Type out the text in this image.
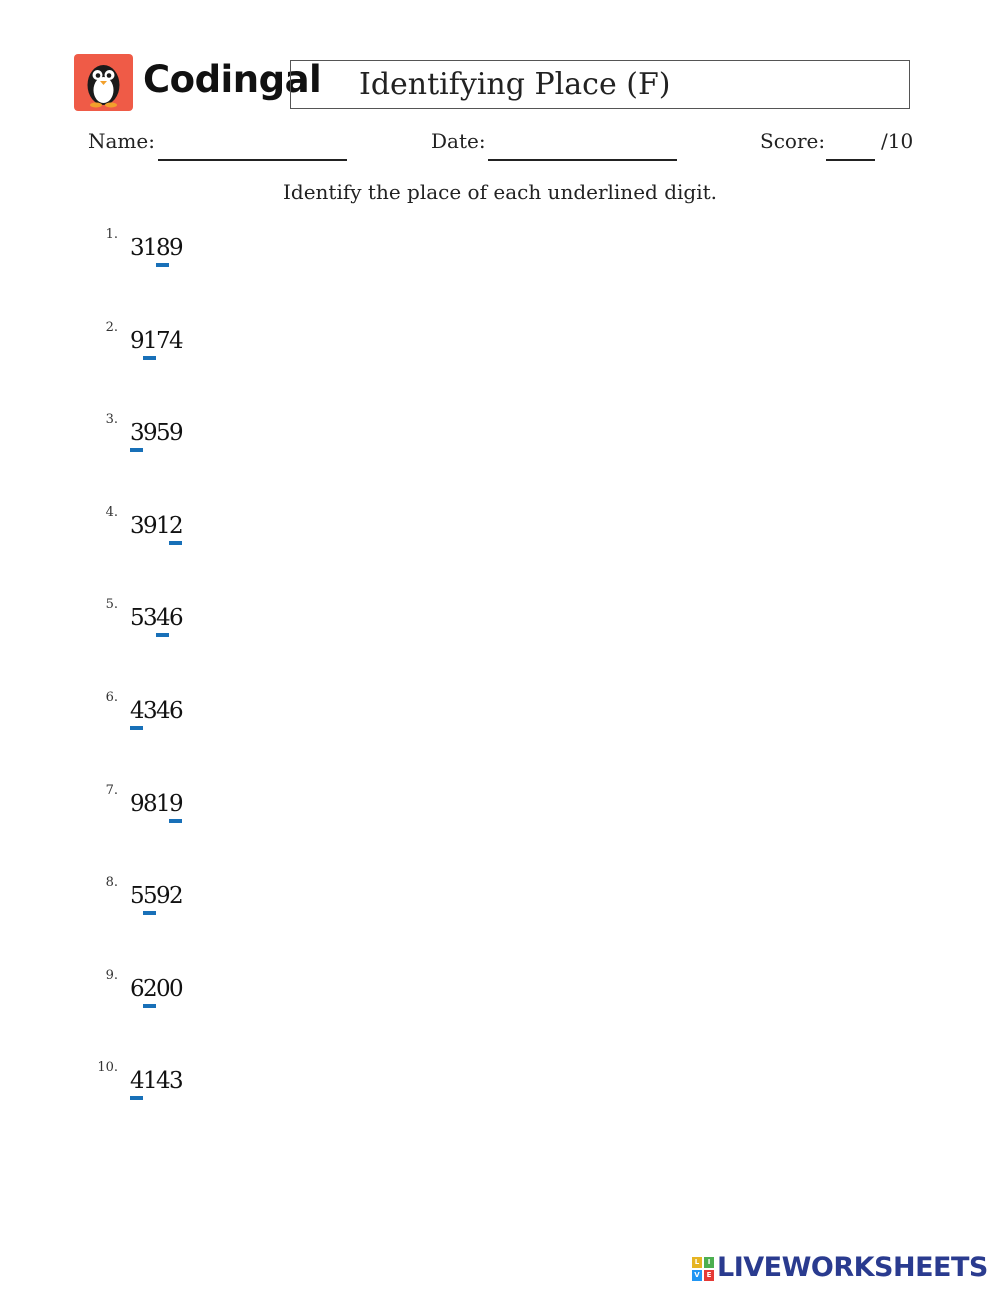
Codingal Identifying Place (F)
Name:	Date:	Score:	/10
Identify the place of each underlined digit.
1.
3189
2.
9174
3.
3959
4.
3912
5.
5346
6.
4346
7.
9819
8.
5592
9.
6200
10.
4143
L	I
V E LIVEWORKSHEETS
